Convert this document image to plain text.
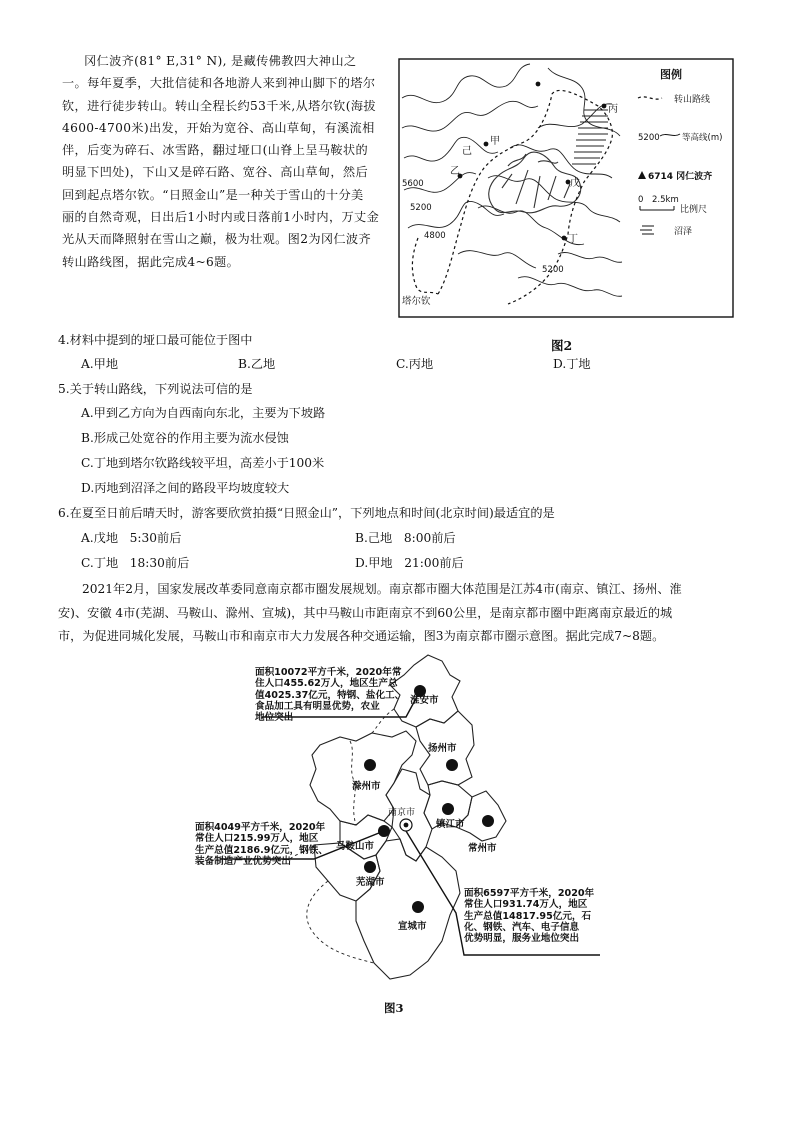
冈仁波齐(81° E,31° N), 是藏传佛教四大神山之
一。每年夏季，大批信徒和各地游人来到神山脚下的塔尔
钦，进行徒步转山。转山全程长约53千米,从塔尔钦(海拔
4600-4700米)出发，开始为宽谷、高山草甸，有溪流相
伴，后变为碎石、冰雪路，翻过垭口(山脊上呈马鞍状的
明显下凹处)，下山又是碎石路、宽谷、高山草甸，然后
回到起点塔尔钦。“日照金山”是一种关于雪山的十分美
丽的自然奇观，日出后1小时内或日落前1小时内，万丈金
光从天而降照射在雪山之巅，极为壮观。图2为冈仁波齐
转山路线图，据此完成4~6题。
甲
乙
丙
丁
戊
己
5600
5200
4800
5200
塔尔钦
图例
转山路线
5200	等高线(m)
6714 冈仁波齐
0 2.5km
比例尺
沼泽
图2
4.材料中提到的垭口最可能位于图中
A.甲地	B.乙地	C.丙地	D.丁地
5.关于转山路线，下列说法可信的是
A.甲到乙方向为自西南向东北，主要为下坡路
B.形成己处宽谷的作用主要为流水侵蚀
C.丁地到塔尔钦路线较平坦，高差小于100米
D.丙地到沼泽之间的路段平均坡度较大
6.在夏至日前后晴天时，游客要欣赏拍摄“日照金山”，下列地点和时间(北京时间)最适宜的是
A.戊地   5:30前后	B.己地   8:00前后
C.丁地   18:30前后	D.甲地   21:00前后
2021年2月，国家发展改革委同意南京都市圈发展规划。南京都市圈大体范围是江苏4市(南京、镇江、扬州、淮
安)、安徽 4市(芜湖、马鞍山、滁州、宣城)，其中马鞍山市距南京不到60公里，是南京都市圈中距离南京最近的城
市，为促进同城化发展，马鞍山市和南京市大力发展各种交通运输，图3为南京都市圈示意图。据此完成7~8题。
淮安市
扬州市
滁州市
南京市
镇江市
常州市
马鞍山市
芜湖市
宣城市
面积10072平方千米，2020年常
住人口455.62万人，地区生产总
值4025.37亿元，特钢、盐化工、
食品加工具有明显优势，农业
地位突出
面积4049平方千米，2020年
常住人口215.99万人，地区
生产总值2186.9亿元，钢铁、
装备制造产业优势突出
面积6597平方千米，2020年
常住人口931.74万人，地区
生产总值14817.95亿元，石
化、钢铁、汽车、电子信息
优势明显，服务业地位突出
图3
